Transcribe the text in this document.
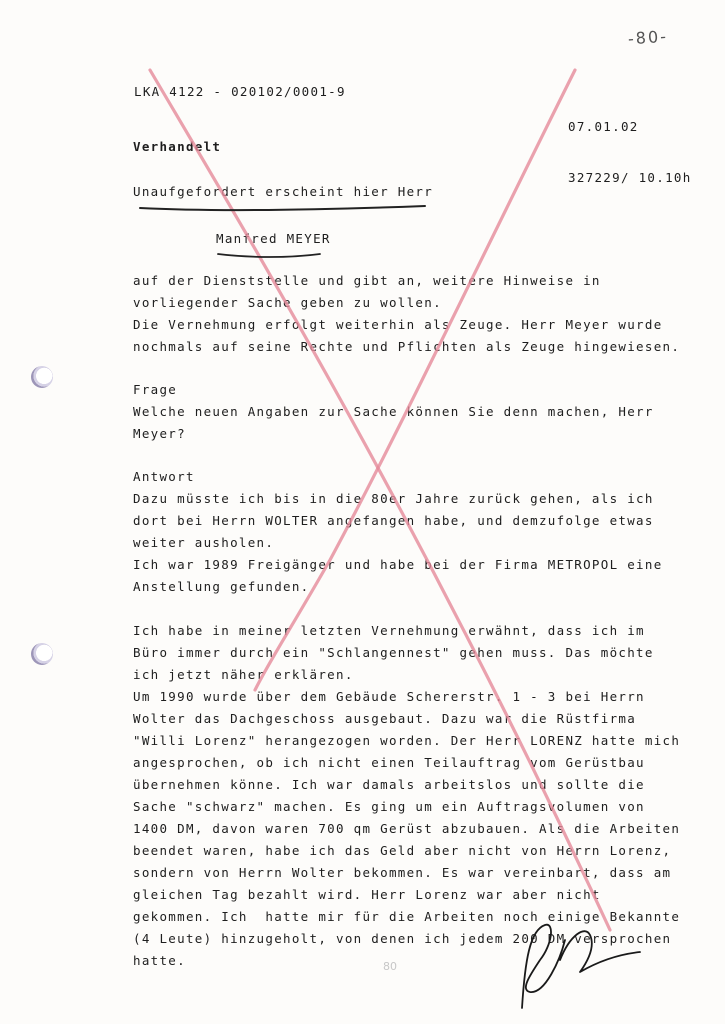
​
-80-
LKA 4122 - 020102/0001-9

07.01.02

327229/ 10.10h

Verhandelt
Unaufgefordert erscheint hier Herr
Manfred MEYER
auf der Dienststelle und gibt an, weitere Hinweise in
vorliegender Sache geben zu wollen.
Die Vernehmung erfolgt weiterhin als Zeuge. Herr Meyer wurde
nochmals auf seine Rechte und Pflichten als Zeuge hingewiesen.
Frage
Welche neuen Angaben zur Sache können Sie denn machen, Herr
Meyer?
Antwort
Dazu müsste ich bis in die 80er Jahre zurück gehen, als ich
dort bei Herrn WOLTER angefangen habe, und demzufolge etwas
weiter ausholen.
Ich war 1989 Freigänger und habe bei der Firma METROPOL eine
Anstellung gefunden.
Ich habe in meiner letzten Vernehmung erwähnt, dass ich im
Büro immer durch ein "Schlangennest" gehen muss. Das möchte
ich jetzt näher erklären.
Um 1990 wurde über dem Gebäude Schererstr. 1 - 3 bei Herrn
Wolter das Dachgeschoss ausgebaut. Dazu war die Rüstfirma
"Willi Lorenz" herangezogen worden. Der Herr LORENZ hatte mich
angesprochen, ob ich nicht einen Teilauftrag vom Gerüstbau
übernehmen könne. Ich war damals arbeitslos und sollte die
Sache "schwarz" machen. Es ging um ein Auftragsvolumen von
1400 DM, davon waren 700 qm Gerüst abzubauen. Als die Arbeiten
beendet waren, habe ich das Geld aber nicht von Herrn Lorenz,
sondern von Herrn Wolter bekommen. Es war vereinbart, dass am
gleichen Tag bezahlt wird. Herr Lorenz war aber nicht
gekommen. Ich  hatte mir für die Arbeiten noch einige Bekannte
(4 Leute) hinzugeholt, von denen ich jedem 200 DM versprochen
hatte.	80
